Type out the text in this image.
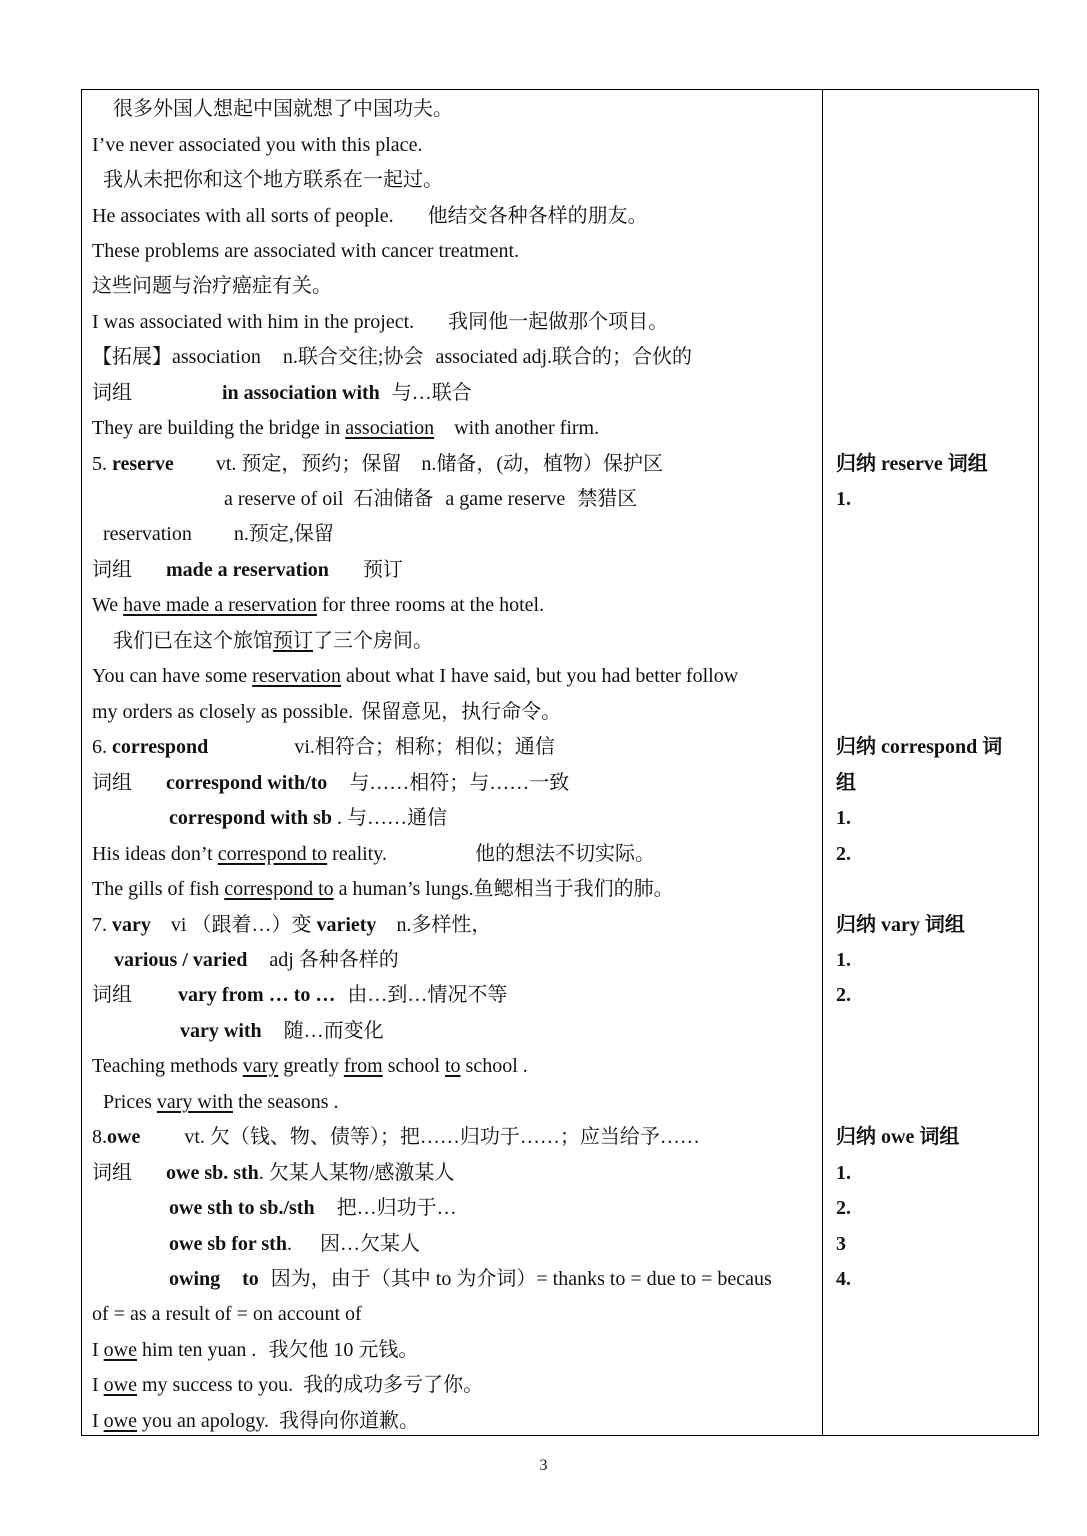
很多外国人想起中国就想了中国功夫。
I’ve never associated you with this place.
我从未把你和这个地方联系在一起过。
He associates with all sorts of people. 他结交各种各样的朋友。
These problems are associated with cancer treatment.
这些问题与治疗癌症有关。
I was associated with him in the project. 我同他一起做那个项目。
【拓展】association n.联合交往;协会 associated adj.联合的；合伙的
词组	in association with 与…联合
They are building the bridge in association with another firm.
5. reserve vt. 预定，预约；保留 n.储备，(动，植物）保护区
a reserve of oil 石油储备 a game reserve 禁猎区
reservation n.预定,保留
词组 made a reservation 预订
We have made a reservation for three rooms at the hotel.
我们已在这个旅馆预订了三个房间。
You can have some reservation about what I have said, but you had better follow
my orders as closely as possible. 保留意见，执行命令。
6. correspond	vi.相符合；相称；相似；通信
词组 correspond with/to 与……相符；与……一致
correspond with sb . 与……通信
His ideas don’t correspond to reality.	他的想法不切实际。
The gills of fish correspond to a human’s lungs.鱼鳃相当于我们的肺。
7. vary vi （跟着…）变 variety n.多样性，
various / varied adj 各种各样的
词组 vary from … to … 由…到…情况不等
vary with 随…而变化
Teaching methods vary greatly from school to school .
Prices vary with the seasons .
8.owe vt. 欠（钱、物、债等）；把……归功于……；应当给予……
词组 owe sb. sth. 欠某人某物/感激某人
owe sth to sb./sth 把…归功于…
owe sb for sth. 因…欠某人
owing to 因为，由于（其中 to 为介词）= thanks to = due to = becaus
of = as a result of = on account of
I owe him ten yuan . 我欠他 10 元钱。
I owe my success to you. 我的成功多亏了你。
I owe you an apology. 我得向你道歉。
归纳 reserve 词组
1.
归纳 correspond 词
组
1.
2.
归纳 vary 词组
1.
2.
归纳 owe 词组
1.
2.
3
4.
3
